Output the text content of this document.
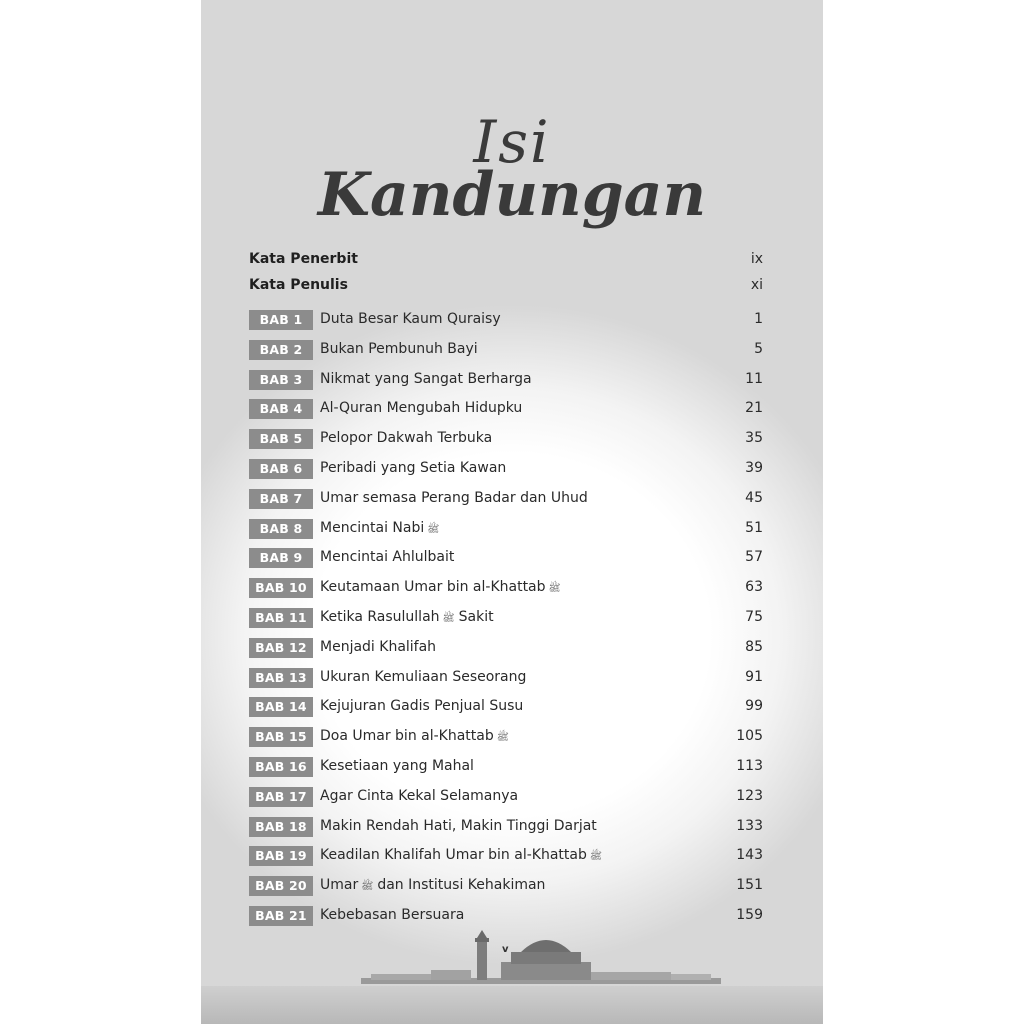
Isi
Kandungan
Kata Penerbit	ix
Kata Penulis	xi
BAB 1	Duta Besar Kaum Quraisy	1
BAB 2	Bukan Pembunuh Bayi	5
BAB 3	Nikmat yang Sangat Berharga	11
BAB 4	Al-Quran Mengubah Hidupku	21
BAB 5	Pelopor Dakwah Terbuka	35
BAB 6	Peribadi yang Setia Kawan	39
BAB 7	Umar semasa Perang Badar dan Uhud	45
BAB 8	Mencintai Nabi ﷺ	51
BAB 9	Mencintai Ahlulbait	57
BAB 10 Keutamaan Umar bin al-Khattab ﷺ	63
BAB 11 Ketika Rasulullah ﷺ Sakit	75
BAB 12 Menjadi Khalifah	85
BAB 13 Ukuran Kemuliaan Seseorang	91
BAB 14 Kejujuran Gadis Penjual Susu	99
BAB 15 Doa Umar bin al-Khattab ﷺ	105
BAB 16 Kesetiaan yang Mahal	113
BAB 17 Agar Cinta Kekal Selamanya	123
BAB 18 Makin Rendah Hati, Makin Tinggi Darjat	133
BAB 19 Keadilan Khalifah Umar bin al-Khattab ﷺ	143
BAB 20 Umar ﷺ dan Institusi Kehakiman	151
BAB 21 Kebebasan Bersuara	159
v
